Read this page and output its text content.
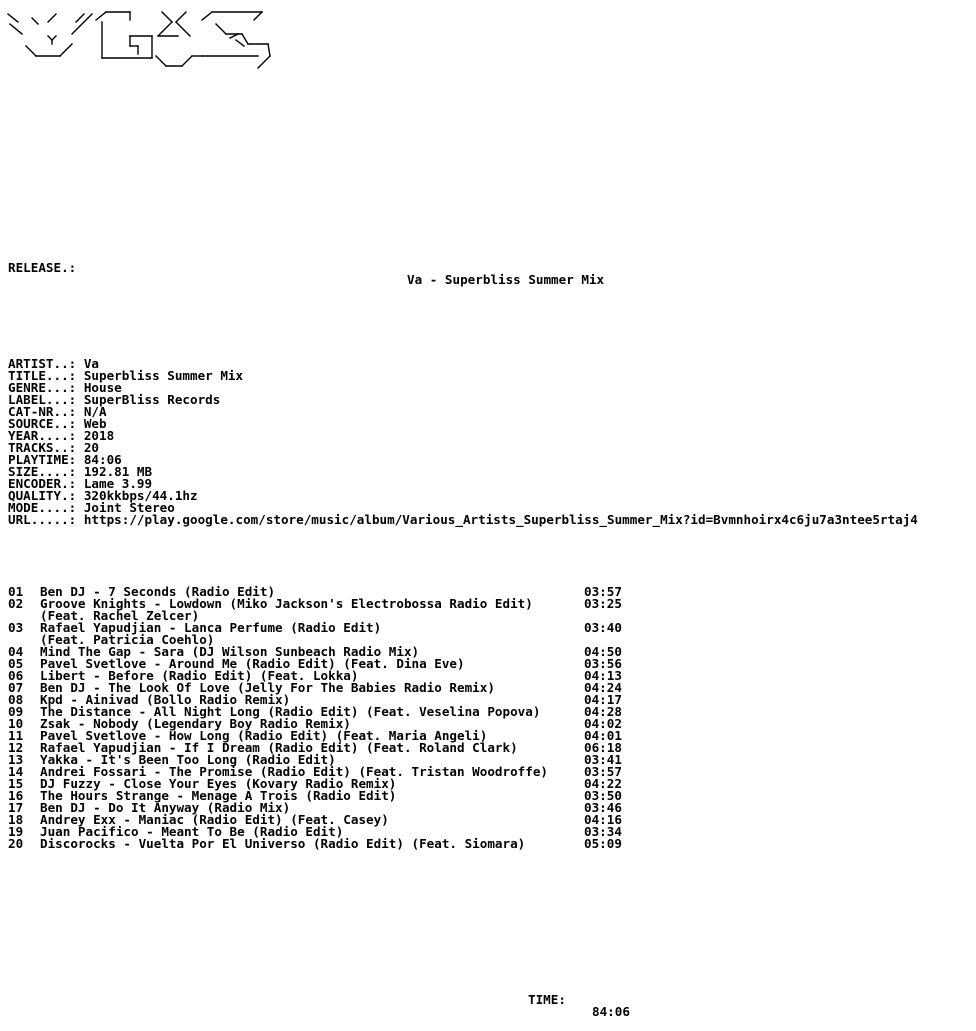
RELEASE.:

Va - Superbliss Summer Mix

ARTIST..: Va
TITLE...: Superbliss Summer Mix
GENRE...: House
LABEL...: SuperBliss Records
CAT-NR..: N/A
SOURCE..: Web
YEAR....: 2018
TRACKS..: 20
PLAYTIME: 84:06
SIZE....: 192.81 MB
ENCODER.: Lame 3.99
QUALITY.: 320kkbps/44.1hz
MODE....: Joint Stereo
URL.....: https://play.google.com/store/music/album/Various_Artists_Superbliss_Summer_Mix?id=Bvmnhoirx4c6ju7a3ntee5rtaj4

01 Ben DJ - 7 Seconds (Radio Edit)	03:57
02 Groove Knights - Lowdown (Miko Jackson's Electrobossa Radio Edit)	03:25
(Feat. Rachel Zelcer)
03 Rafael Yapudjian - Lanca Perfume (Radio Edit)	03:40
(Feat. Patricia Coehlo)
04 Mind The Gap - Sara (DJ Wilson Sunbeach Radio Mix)	04:50
05 Pavel Svetlove - Around Me (Radio Edit) (Feat. Dina Eve)	03:56
06 Libert - Before (Radio Edit) (Feat. Lokka)	04:13
07 Ben DJ - The Look Of Love (Jelly For The Babies Radio Remix)	04:24
08 Kpd - Ainivad (Bollo Radio Remix)	04:17
09 The Distance - All Night Long (Radio Edit) (Feat. Veselina Popova)	04:28
10 Zsak - Nobody (Legendary Boy Radio Remix)	04:02
11 Pavel Svetlove - How Long (Radio Edit) (Feat. Maria Angeli)	04:01
12 Rafael Yapudjian - If I Dream (Radio Edit) (Feat. Roland Clark)	06:18
13 Yakka - It's Been Too Long (Radio Edit)	03:41
14 Andrei Fossari - The Promise (Radio Edit) (Feat. Tristan Woodroffe)	03:57
15 DJ Fuzzy - Close Your Eyes (Kovary Radio Remix)	04:22
16 The Hours Strange - Menage A Trois (Radio Edit)	03:50
17 Ben DJ - Do It Anyway (Radio Mix)	03:46
18 Andrey Exx - Maniac (Radio Edit) (Feat. Casey)	04:16
19 Juan Pacifico - Meant To Be (Radio Edit)	03:34
20 Discorocks - Vuelta Por El Universo (Radio Edit) (Feat. Siomara)	05:09

TIME:

84:06
